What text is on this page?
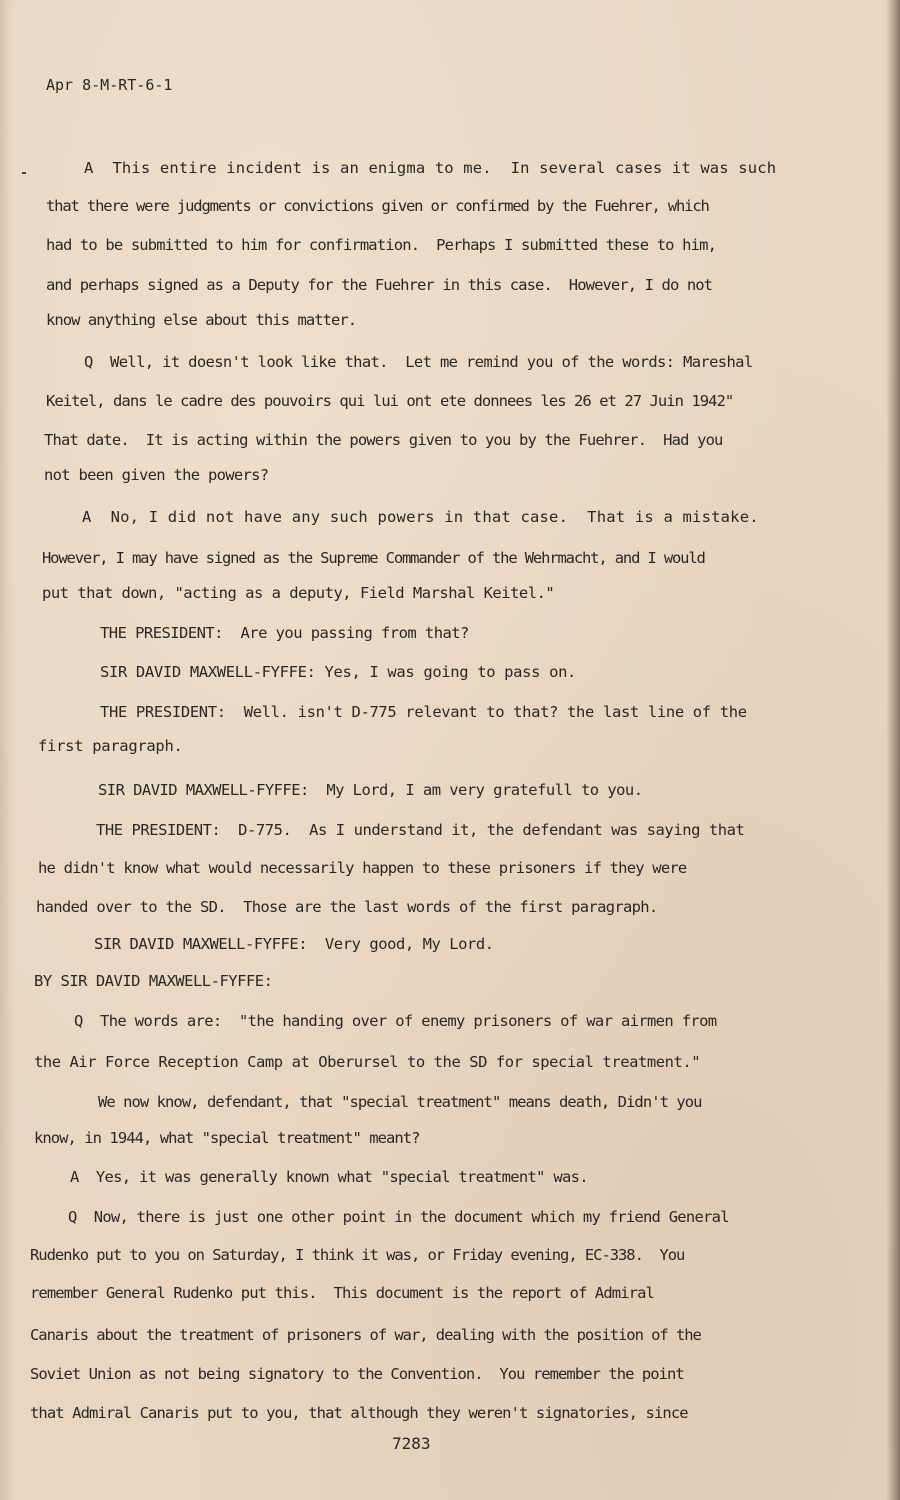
Apr 8-M-RT-6-1
A  This entire incident is an enigma to me.  In several cases it was such
that there were judgments or convictions given or confirmed by the Fuehrer, which
had to be submitted to him for confirmation.  Perhaps I submitted these to him,
and perhaps signed as a Deputy for the Fuehrer in this case.  However, I do not
know anything else about this matter.
Q  Well, it doesn't look like that.  Let me remind you of the words: Mareshal
Keitel, dans le cadre des pouvoirs qui lui ont ete donnees les 26 et 27 Juin 1942"
That date.  It is acting within the powers given to you by the Fuehrer.  Had you
not been given the powers?
A  No, I did not have any such powers in that case.  That is a mistake.
However, I may have signed as the Supreme Commander of the Wehrmacht, and I would
put that down, "acting as a deputy, Field Marshal Keitel."
THE PRESIDENT:  Are you passing from that?
SIR DAVID MAXWELL-FYFFE: Yes, I was going to pass on.
THE PRESIDENT:  Well. isn't D-775 relevant to that? the last line of the
first paragraph.
SIR DAVID MAXWELL-FYFFE:  My Lord, I am very gratefull to you.
THE PRESIDENT:  D-775.  As I understand it, the defendant was saying that
he didn't know what would necessarily happen to these prisoners if they were
handed over to the SD.  Those are the last words of the first paragraph.
SIR DAVID MAXWELL-FYFFE:  Very good, My Lord.
BY SIR DAVID MAXWELL-FYFFE:
Q  The words are:  "the handing over of enemy prisoners of war airmen from
the Air Force Reception Camp at Oberursel to the SD for special treatment."
We now know, defendant, that "special treatment" means death, Didn't you
know, in 1944, what "special treatment" meant?
A  Yes, it was generally known what "special treatment" was.
Q  Now, there is just one other point in the document which my friend General
Rudenko put to you on Saturday, I think it was, or Friday evening, EC-338.  You
remember General Rudenko put this.  This document is the report of Admiral
Canaris about the treatment of prisoners of war, dealing with the position of the
Soviet Union as not being signatory to the Convention.  You remember the point
that Admiral Canaris put to you, that although they weren't signatories, since
7283
